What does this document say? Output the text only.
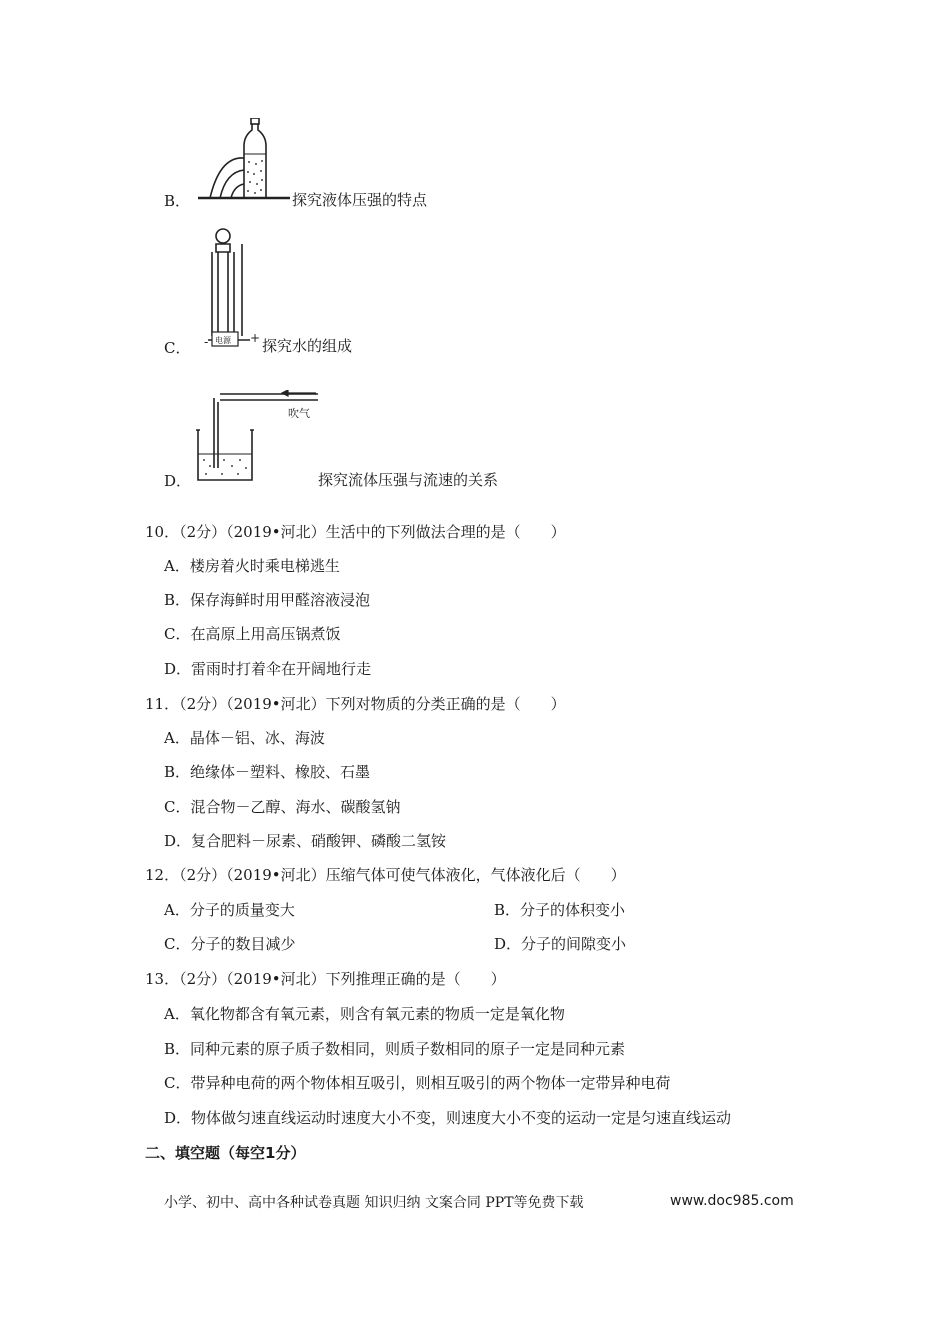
B．	探究液体压强的特点
- 电源 +
C．	探究水的组成
吹气
D．	探究流体压强与流速的关系
10．（2分）（2019•河北）生活中的下列做法合理的是（　　）
A．楼房着火时乘电梯逃生
B．保存海鲜时用甲醛溶液浸泡
C．在高原上用高压锅煮饭
D．雷雨时打着伞在开阔地行走
11．（2分）（2019•河北）下列对物质的分类正确的是（　　）
A．晶体－铝、冰、海波
B．绝缘体－塑料、橡胶、石墨
C．混合物－乙醇、海水、碳酸氢钠
D．复合肥料－尿素、硝酸钾、磷酸二氢铵
12．（2分）（2019•河北）压缩气体可使气体液化，气体液化后（　　）
A．分子的质量变大	B．分子的体积变小
C．分子的数目减少	D．分子的间隙变小
13．（2分）（2019•河北）下列推理正确的是（　　）
A．氧化物都含有氧元素，则含有氧元素的物质一定是氧化物
B．同种元素的原子质子数相同，则质子数相同的原子一定是同种元素
C．带异种电荷的两个物体相互吸引，则相互吸引的两个物体一定带异种电荷
D．物体做匀速直线运动时速度大小不变，则速度大小不变的运动一定是匀速直线运动
二、填空题（每空1分）
小学、初中、高中各种试卷真题 知识归纳 文案合同 PPT等免费下载	www.doc985.com
